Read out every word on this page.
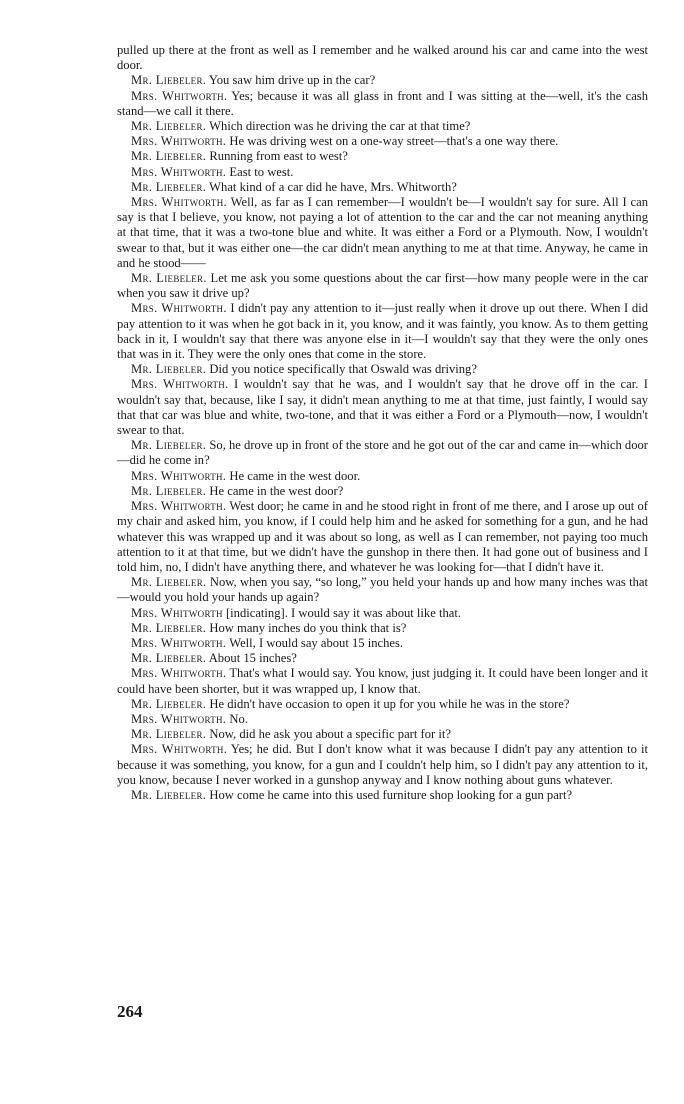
pulled up there at the front as well as I remember and he walked around his car and came into the west door.

Mr. Liebeler. You saw him drive up in the car?

Mrs. Whitworth. Yes; because it was all glass in front and I was sitting at the—well, it's the cash stand—we call it there.

Mr. Liebeler. Which direction was he driving the car at that time?

Mrs. Whitworth. He was driving west on a one-way street—that's a one way there.

Mr. Liebeler. Running from east to west?

Mrs. Whitworth. East to west.

Mr. Liebeler. What kind of a car did he have, Mrs. Whitworth?

Mrs. Whitworth. Well, as far as I can remember—I wouldn't be—I wouldn't say for sure. All I can say is that I believe, you know, not paying a lot of attention to the car and the car not meaning anything at that time, that it was a two-tone blue and white. It was either a Ford or a Plymouth. Now, I wouldn't swear to that, but it was either one—the car didn't mean anything to me at that time. Anyway, he came in and he stood——

Mr. Liebeler. Let me ask you some questions about the car first—how many people were in the car when you saw it drive up?

Mrs. Whitworth. I didn't pay any attention to it—just really when it drove up out there. When I did pay attention to it was when he got back in it, you know, and it was faintly, you know. As to them getting back in it, I wouldn't say that there was anyone else in it—I wouldn't say that they were the only ones that was in it. They were the only ones that come in the store.

Mr. Liebeler. Did you notice specifically that Oswald was driving?

Mrs. Whitworth. I wouldn't say that he was, and I wouldn't say that he drove off in the car. I wouldn't say that, because, like I say, it didn't mean anything to me at that time, just faintly, I would say that that car was blue and white, two-tone, and that it was either a Ford or a Plymouth—now, I wouldn't swear to that.

Mr. Liebeler. So, he drove up in front of the store and he got out of the car and came in—which door—did he come in?

Mrs. Whitworth. He came in the west door.

Mr. Liebeler. He came in the west door?

Mrs. Whitworth. West door; he came in and he stood right in front of me there, and I arose up out of my chair and asked him, you know, if I could help him and he asked for something for a gun, and he had whatever this was wrapped up and it was about so long, as well as I can remember, not paying too much attention to it at that time, but we didn't have the gunshop in there then. It had gone out of business and I told him, no, I didn't have anything there, and whatever he was looking for—that I didn't have it.

Mr. Liebeler. Now, when you say, “so long,” you held your hands up and how many inches was that—would you hold your hands up again?

Mrs. Whitworth [indicating]. I would say it was about like that.

Mr. Liebeler. How many inches do you think that is?

Mrs. Whitworth. Well, I would say about 15 inches.

Mr. Liebeler. About 15 inches?

Mrs. Whitworth. That's what I would say. You know, just judging it. It could have been longer and it could have been shorter, but it was wrapped up, I know that.

Mr. Liebeler. He didn't have occasion to open it up for you while he was in the store?

Mrs. Whitworth. No.

Mr. Liebeler. Now, did he ask you about a specific part for it?

Mrs. Whitworth. Yes; he did. But I don't know what it was because I didn't pay any attention to it because it was something, you know, for a gun and I couldn't help him, so I didn't pay any attention to it, you know, because I never worked in a gunshop anyway and I know nothing about guns whatever.

Mr. Liebeler. How come he came into this used furniture shop looking for a gun part?

264
